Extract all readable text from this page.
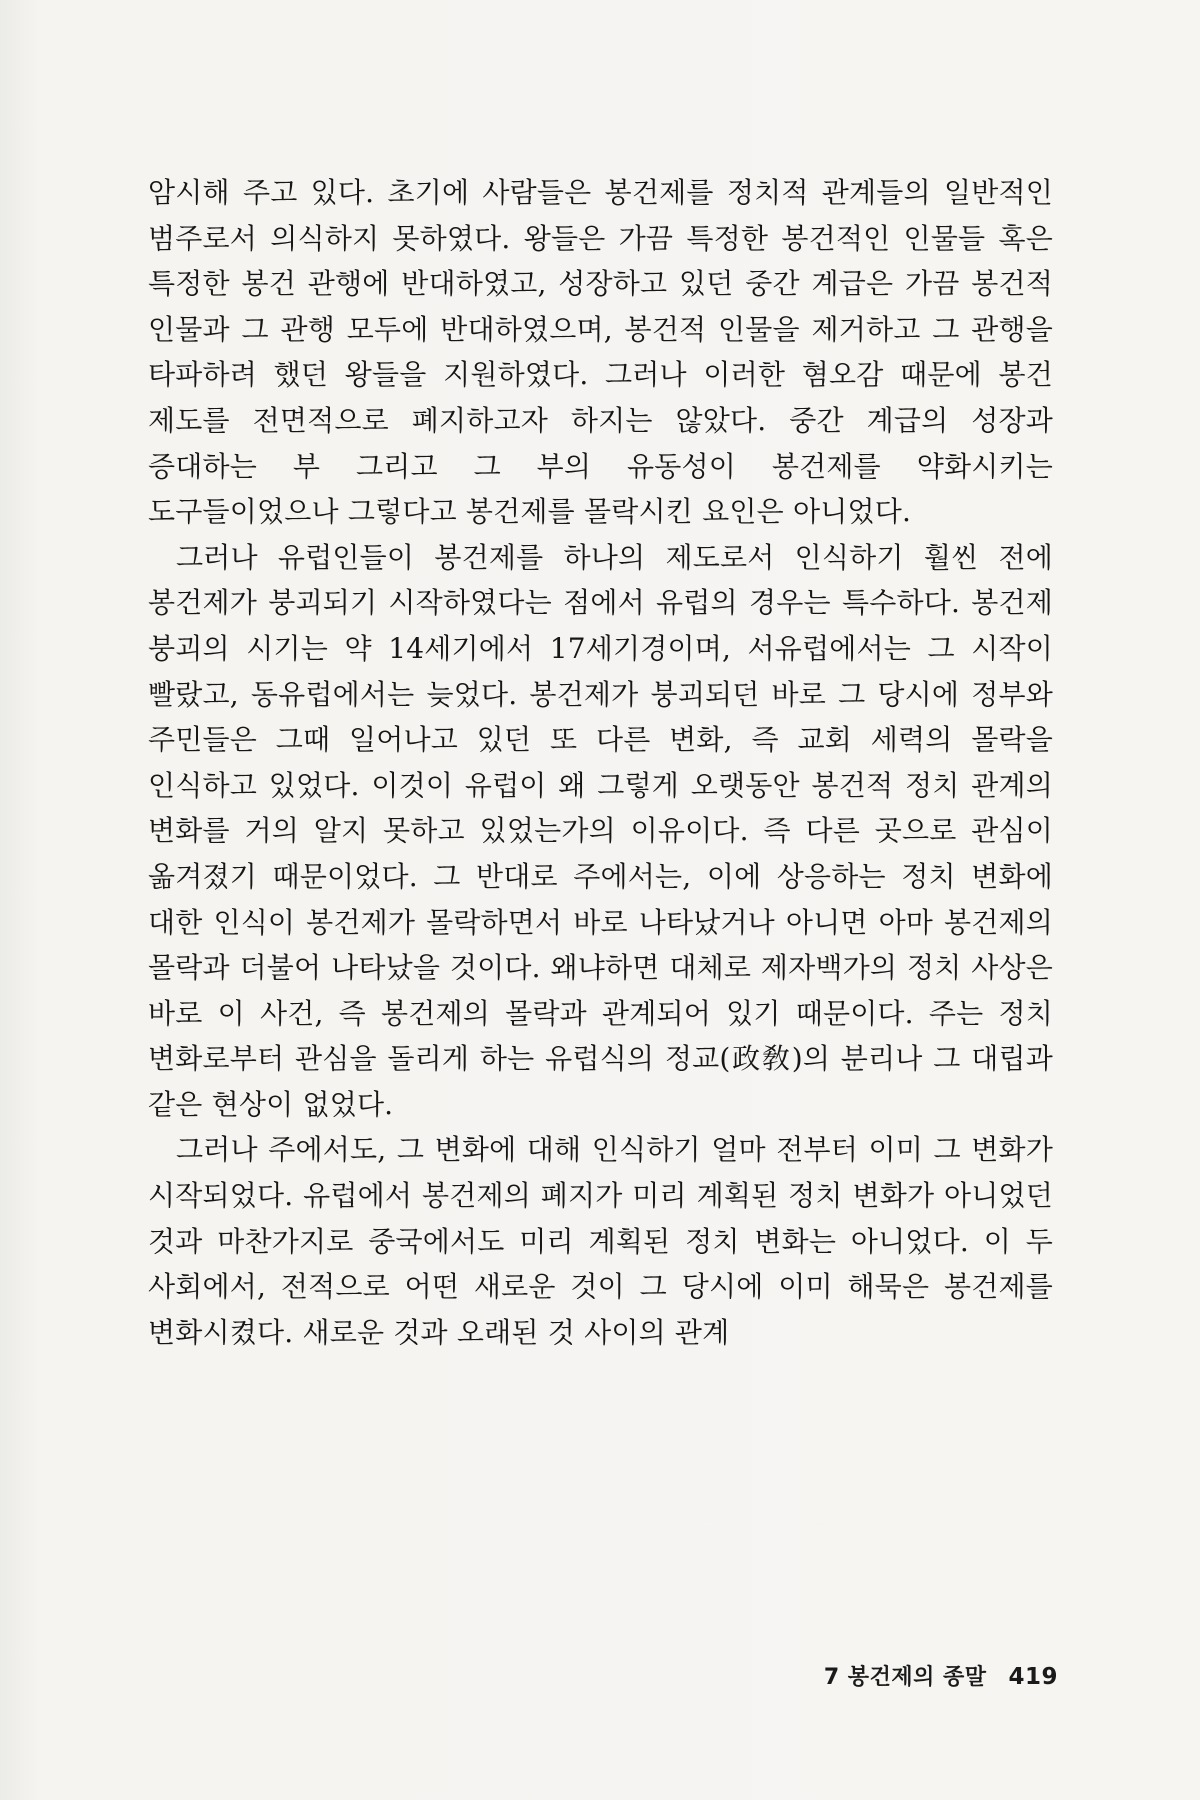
암시해 주고 있다. 초기에 사람들은 봉건제를 정치적 관계들의 일반적인 범주로서 의식하지 못하였다. 왕들은 가끔 특정한 봉건적인 인물들 혹은 특정한 봉건 관행에 반대하였고, 성장하고 있던 중간 계급은 가끔 봉건적 인물과 그 관행 모두에 반대하였으며, 봉건적 인물을 제거하고 그 관행을 타파하려 했던 왕들을 지원하였다. 그러나 이러한 혐오감 때문에 봉건 제도를 전면적으로 폐지하고자 하지는 않았다. 중간 계급의 성장과 증대하는 부 그리고 그 부의 유동성이 봉건제를 약화시키는 도구들이었으나 그렇다고 봉건제를 몰락시킨 요인은 아니었다.

그러나 유럽인들이 봉건제를 하나의 제도로서 인식하기 훨씬 전에 봉건제가 붕괴되기 시작하였다는 점에서 유럽의 경우는 특수하다. 봉건제 붕괴의 시기는 약 14세기에서 17세기경이며, 서유럽에서는 그 시작이 빨랐고, 동유럽에서는 늦었다. 봉건제가 붕괴되던 바로 그 당시에 정부와 주민들은 그때 일어나고 있던 또 다른 변화, 즉 교회 세력의 몰락을 인식하고 있었다. 이것이 유럽이 왜 그렇게 오랫동안 봉건적 정치 관계의 변화를 거의 알지 못하고 있었는가의 이유이다. 즉 다른 곳으로 관심이 옮겨졌기 때문이었다. 그 반대로 주에서는, 이에 상응하는 정치 변화에 대한 인식이 봉건제가 몰락하면서 바로 나타났거나 아니면 아마 봉건제의 몰락과 더불어 나타났을 것이다. 왜냐하면 대체로 제자백가의 정치 사상은 바로 이 사건, 즉 봉건제의 몰락과 관계되어 있기 때문이다. 주는 정치 변화로부터 관심을 돌리게 하는 유럽식의 정교(政敎)의 분리나 그 대립과 같은 현상이 없었다.

그러나 주에서도, 그 변화에 대해 인식하기 얼마 전부터 이미 그 변화가 시작되었다. 유럽에서 봉건제의 폐지가 미리 계획된 정치 변화가 아니었던 것과 마찬가지로 중국에서도 미리 계획된 정치 변화는 아니었다. 이 두 사회에서, 전적으로 어떤 새로운 것이 그 당시에 이미 해묵은 봉건제를 변화시켰다. 새로운 것과 오래된 것 사이의 관계

7 봉건제의 종말 419
